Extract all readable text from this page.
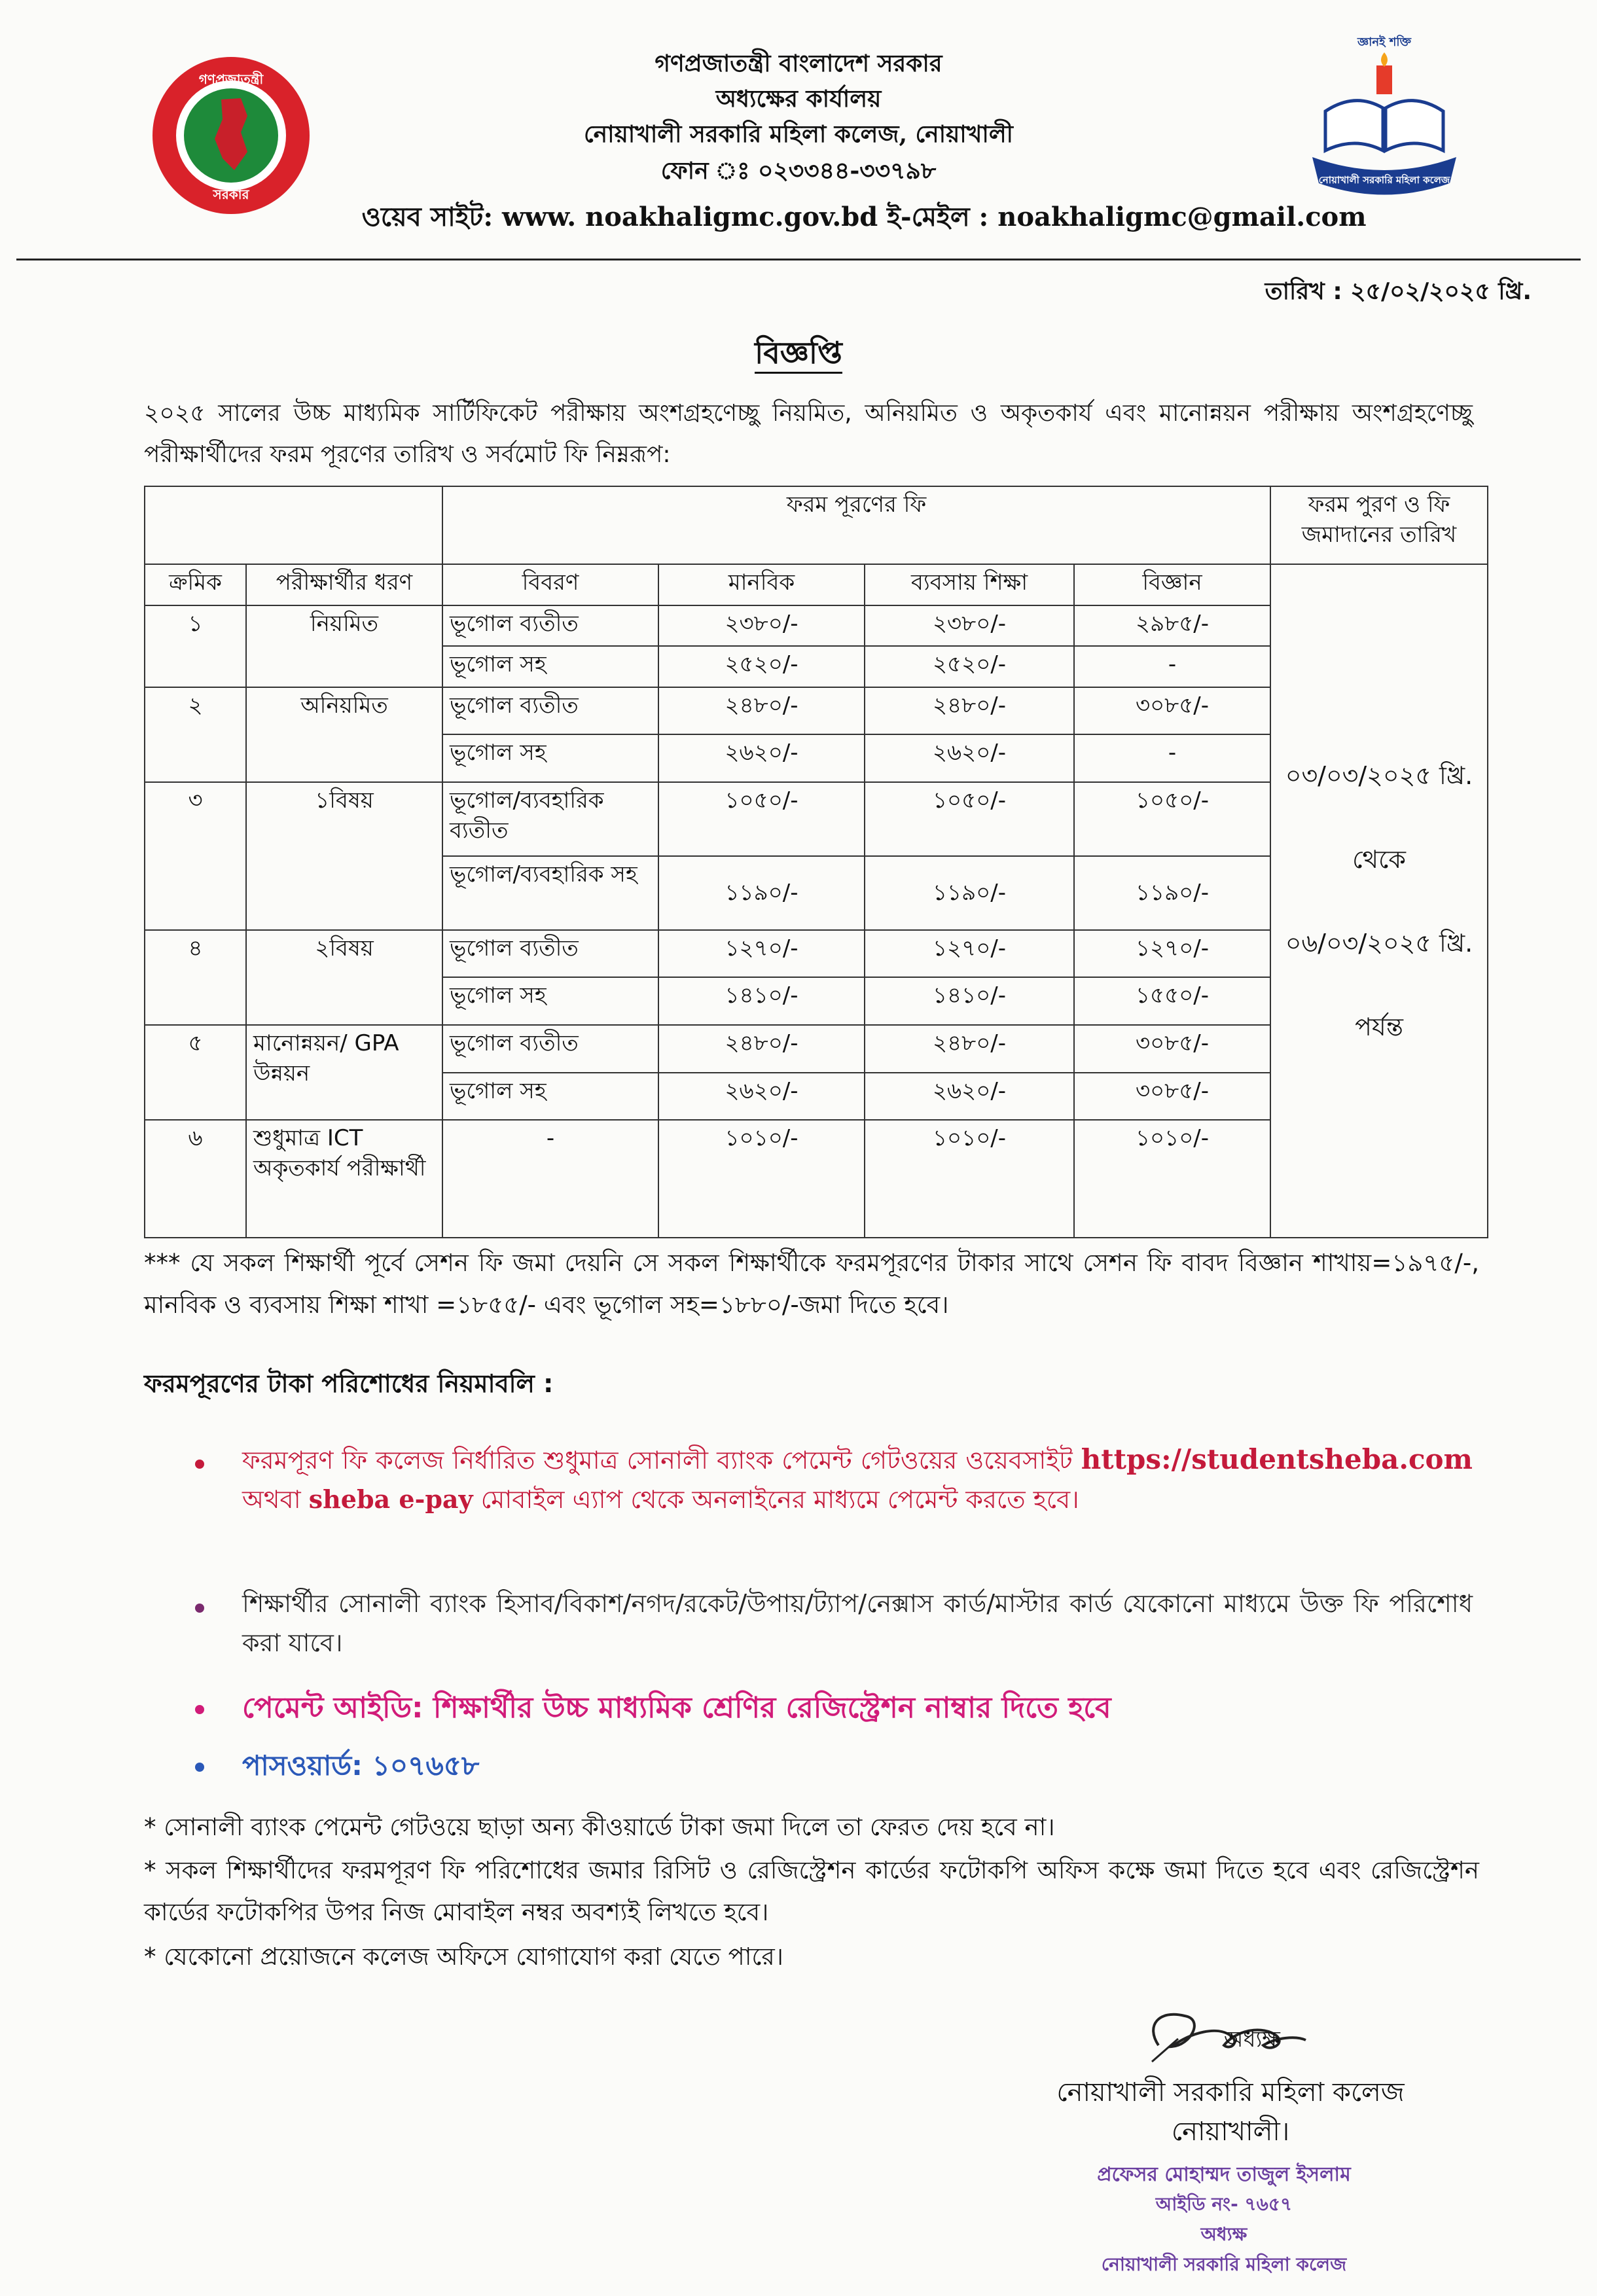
গণপ্রজাতন্ত্রী
সরকার
গণপ্রজাতন্ত্রী বাংলাদেশ সরকার
অধ্যক্ষের কার্যালয়
নোয়াখালী সরকারি মহিলা কলেজ, নোয়াখালী
ফোন ঃ ০২৩৩৪৪-৩৩৭৯৮
ওয়েব সাইট: www. noakhaligmc.gov.bd ই-মেইল : noakhaligmc@gmail.com
জ্ঞানই শক্তি
নোয়াখালী সরকারি মহিলা কলেজ
তারিখ : ২৫/০২/২০২৫ খ্রি.
বিজ্ঞপ্তি
২০২৫ সালের উচ্চ মাধ্যমিক সার্টিফিকেট পরীক্ষায় অংশগ্রহণেচ্ছু নিয়মিত, অনিয়মিত ও অকৃতকার্য এবং মানোন্নয়ন পরীক্ষায় অংশগ্রহণেচ্ছু পরীক্ষার্থীদের ফরম পূরণের তারিখ ও সর্বমোট ফি নিম্নরূপ:
		ফরম পূরণের ফি				ফরম পুরণ ও ফি জমাদানের তারিখ
ক্রমিক	পরীক্ষার্থীর ধরণ	বিবরণ	মানবিক	ব্যবসায় শিক্ষা	বিজ্ঞান	০৩/০৩/২০২৫ খ্রি.
থেকে
০৬/০৩/২০২৫ খ্রি.
পর্যন্ত

১	নিয়মিত	ভূগোল ব্যতীত	২৩৮০/-	২৩৮০/-	২৯৮৫/-	
		ভূগোল সহ	২৫২০/-	২৫২০/-	-	
২	অনিয়মিত	ভূগোল ব্যতীত	২৪৮০/-	২৪৮০/-	৩০৮৫/-	
		ভূগোল সহ	২৬২০/-	২৬২০/-	-	
৩	১বিষয়	ভূগোল/ব্যবহারিক ব্যতীত	১০৫০/-	১০৫০/-	১০৫০/-	
		ভূগোল/ব্যবহারিক সহ	১১৯০/-	১১৯০/-	১১৯০/-	
৪	২বিষয়	ভূগোল ব্যতীত	১২৭০/-	১২৭০/-	১২৭০/-	
		ভূগোল সহ	১৪১০/-	১৪১০/-	১৫৫০/-	
৫	মানোন্নয়ন/ GPA উন্নয়ন	ভূগোল ব্যতীত	২৪৮০/-	২৪৮০/-	৩০৮৫/-	
		ভূগোল সহ	২৬২০/-	২৬২০/-	৩০৮৫/-	
৬	শুধুমাত্র ICT অকৃতকার্য পরীক্ষার্থী	-	১০১০/-	১০১০/-	১০১০/-	
*** যে সকল শিক্ষার্থী পূর্বে সেশন ফি জমা দেয়নি সে সকল শিক্ষার্থীকে ফরমপূরণের টাকার সাথে সেশন ফি বাবদ বিজ্ঞান শাখায়=১৯৭৫/-, মানবিক ও ব্যবসায় শিক্ষা শাখা =১৮৫৫/- এবং ভূগোল সহ=১৮৮০/-জমা দিতে হবে।
ফরমপূরণের টাকা পরিশোধের নিয়মাবলি :
ফরমপূরণ ফি কলেজ নির্ধারিত শুধুমাত্র সোনালী ব্যাংক পেমেন্ট গেটওয়ের ওয়েবসাইট https://studentsheba.com অথবা sheba e-pay মোবাইল এ্যাপ থেকে অনলাইনের মাধ্যমে পেমেন্ট করতে হবে।
শিক্ষার্থীর সোনালী ব্যাংক হিসাব/বিকাশ/নগদ/রকেট/উপায়/ট্যাপ/নেক্সাস কার্ড/মাস্টার কার্ড যেকোনো মাধ্যমে উক্ত ফি পরিশোধ করা যাবে।
পেমেন্ট আইডি: শিক্ষার্থীর উচ্চ মাধ্যমিক শ্রেণির রেজিস্ট্রেশন নাম্বার দিতে হবে
পাসওয়ার্ড: ১০৭৬৫৮
* সোনালী ব্যাংক পেমেন্ট গেটওয়ে ছাড়া অন্য কীওয়ার্ডে টাকা জমা দিলে তা ফেরত দেয় হবে না।
* সকল শিক্ষার্থীদের ফরমপূরণ ফি পরিশোধের জমার রিসিট ও রেজিস্ট্রেশন কার্ডের ফটোকপি অফিস কক্ষে জমা দিতে হবে এবং রেজিস্ট্রেশন কার্ডের ফটোকপির উপর নিজ মোবাইল নম্বর অবশ্যই লিখতে হবে।
* যেকোনো প্রয়োজনে কলেজ অফিসে যোগাযোগ করা যেতে পারে।
অধ্যক্ষ
নোয়াখালী সরকারি মহিলা কলেজ
নোয়াখালী।
প্রফেসর মোহাম্মদ তাজুল ইসলাম
আইডি নং- ৭৬৫৭
অধ্যক্ষ
নোয়াখালী সরকারি মহিলা কলেজ
